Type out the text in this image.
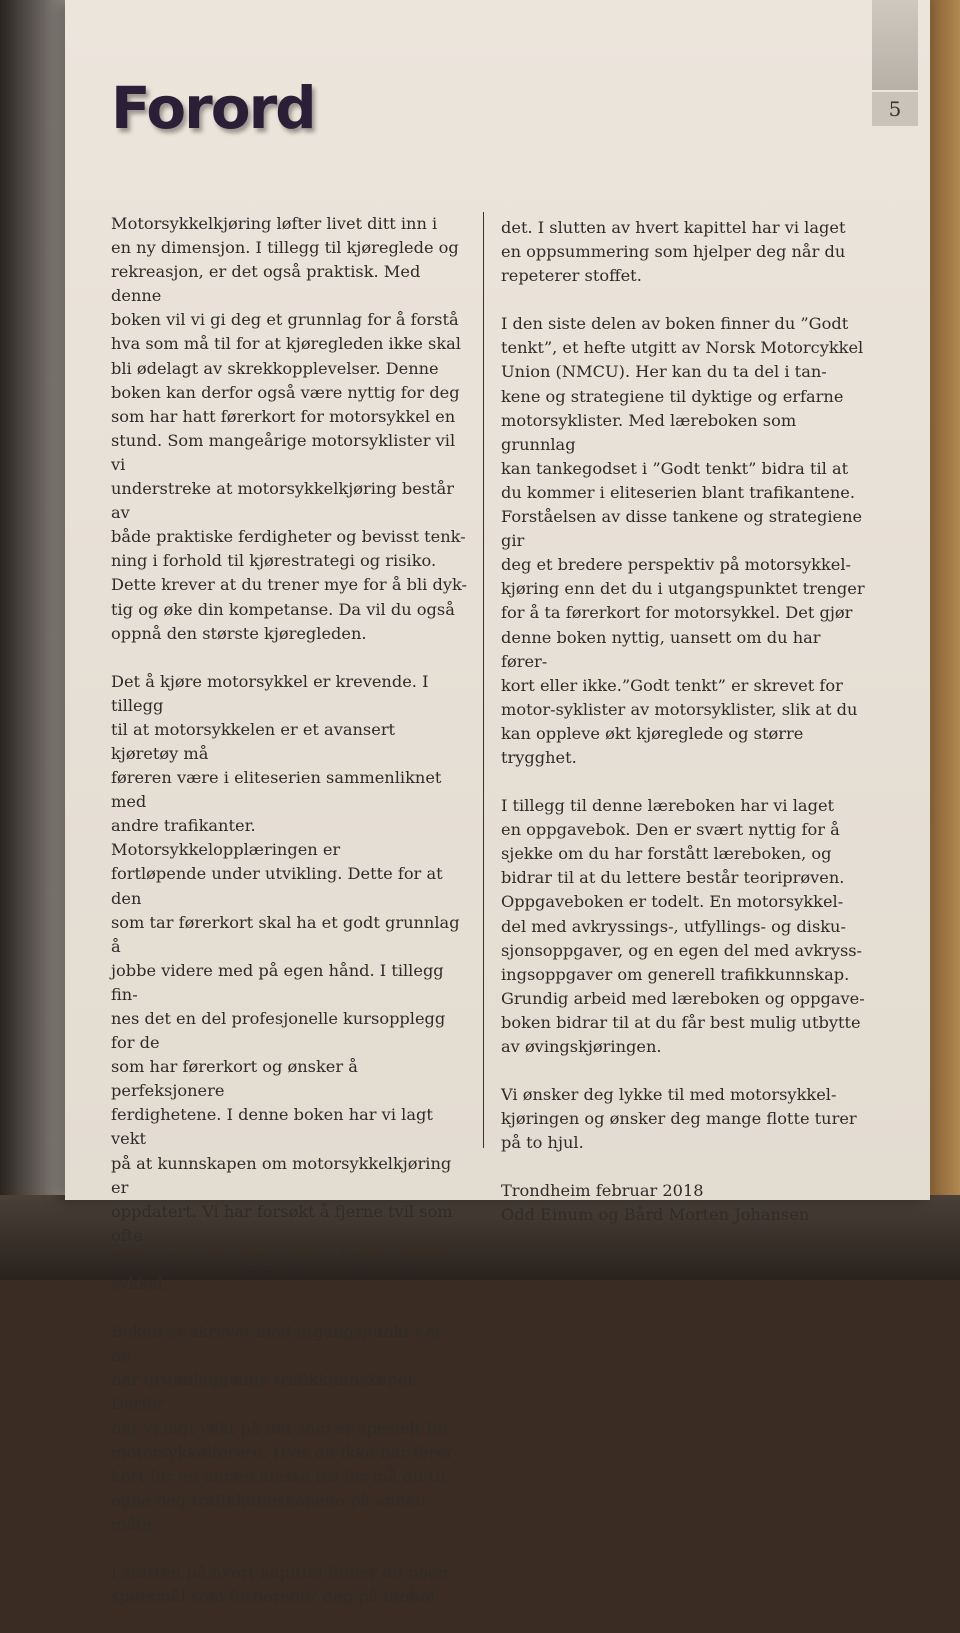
5
Forord

Motorsykkelkjøring løfter livet ditt inn i
en ny dimensjon. I tillegg til kjøreglede og
rekreasjon, er det også praktisk. Med denne
boken vil vi gi deg et grunnlag for å forstå
hva som må til for at kjøregleden ikke skal
bli ødelagt av skrekkopplevelser. Denne
boken kan derfor også være nyttig for deg
som har hatt førerkort for motorsykkel en
stund. Som mangeårige motorsyklister vil vi
understreke at motorsykkelkjøring består av
både praktiske ferdigheter og bevisst tenk-
ning i forhold til kjørestrategi og risiko.
Dette krever at du trener mye for å bli dyk-
tig og øke din kompetanse. Da vil du også
oppnå den største kjøregleden.

Det å kjøre motorsykkel er krevende. I tillegg
til at motorsykkelen er et avansert kjøretøy må
føreren være i eliteserien sammenliknet med
andre trafikanter. Motorsykkelopplæringen er
fortløpende under utvikling. Dette for at den
som tar førerkort skal ha et godt grunnlag å
jobbe videre med på egen hånd. I tillegg fin-
nes det en del profesjonelle kursopplegg for de
som har førerkort og ønsker å perfeksjonere
ferdighetene. I denne boken har vi lagt vekt
på at kunnskapen om motorsykkelkjøring er
oppdatert. Vi har forsøkt å fjerne tvil som ofte
fører til myter omkring det å kjøre motor-
sykkel.

Boken er skrevet med utgangspunkt i at du
har grunnleggende trafikkunnskaper. Derfor
har vi lagt vekt på det som er spesielt for
motorsykkelførere. Hvis du ikke har fører-
kort for en annen klasse fra før må du til-
egne deg trafikkunnskapene på annen måte.

I starten på hvert kapittel finner du noen
spørsmål som forbereder deg på innhol-

det. I slutten av hvert kapittel har vi laget
en oppsummering som hjelper deg når du
repeterer stoffet.

I den siste delen av boken finner du ”Godt
tenkt”, et hefte utgitt av Norsk Motorcykkel
Union (NMCU). Her kan du ta del i tan-
kene og strategiene til dyktige og erfarne
motorsyklister. Med læreboken som grunnlag
kan tankegodset i ”Godt tenkt” bidra til at
du kommer i eliteserien blant trafikantene.
Forståelsen av disse tankene og strategiene gir
deg et bredere perspektiv på motorsykkel-
kjøring enn det du i utgangspunktet trenger
for å ta førerkort for motorsykkel. Det gjør
denne boken nyttig, uansett om du har fører-
kort eller ikke.”Godt tenkt” er skrevet for
motor-syklister av motorsyklister, slik at du
kan oppleve økt kjøreglede og større trygghet.

I tillegg til denne læreboken har vi laget
en oppgavebok. Den er svært nyttig for å
sjekke om du har forstått læreboken, og
bidrar til at du lettere består teoriprøven.
Oppgaveboken er todelt. En motorsykkel-
del med avkryssings-, utfyllings- og disku-
sjonsoppgaver, og en egen del med avkryss-
ingsoppgaver om generell trafikkunnskap.
Grundig arbeid med læreboken og oppgave-
boken bidrar til at du får best mulig utbytte
av øvingskjøringen.

Vi ønsker deg lykke til med motorsykkel-
kjøringen og ønsker deg mange flotte turer
på to hjul.

Trondheim februar 2018
Odd Einum og Bård Morten Johansen
